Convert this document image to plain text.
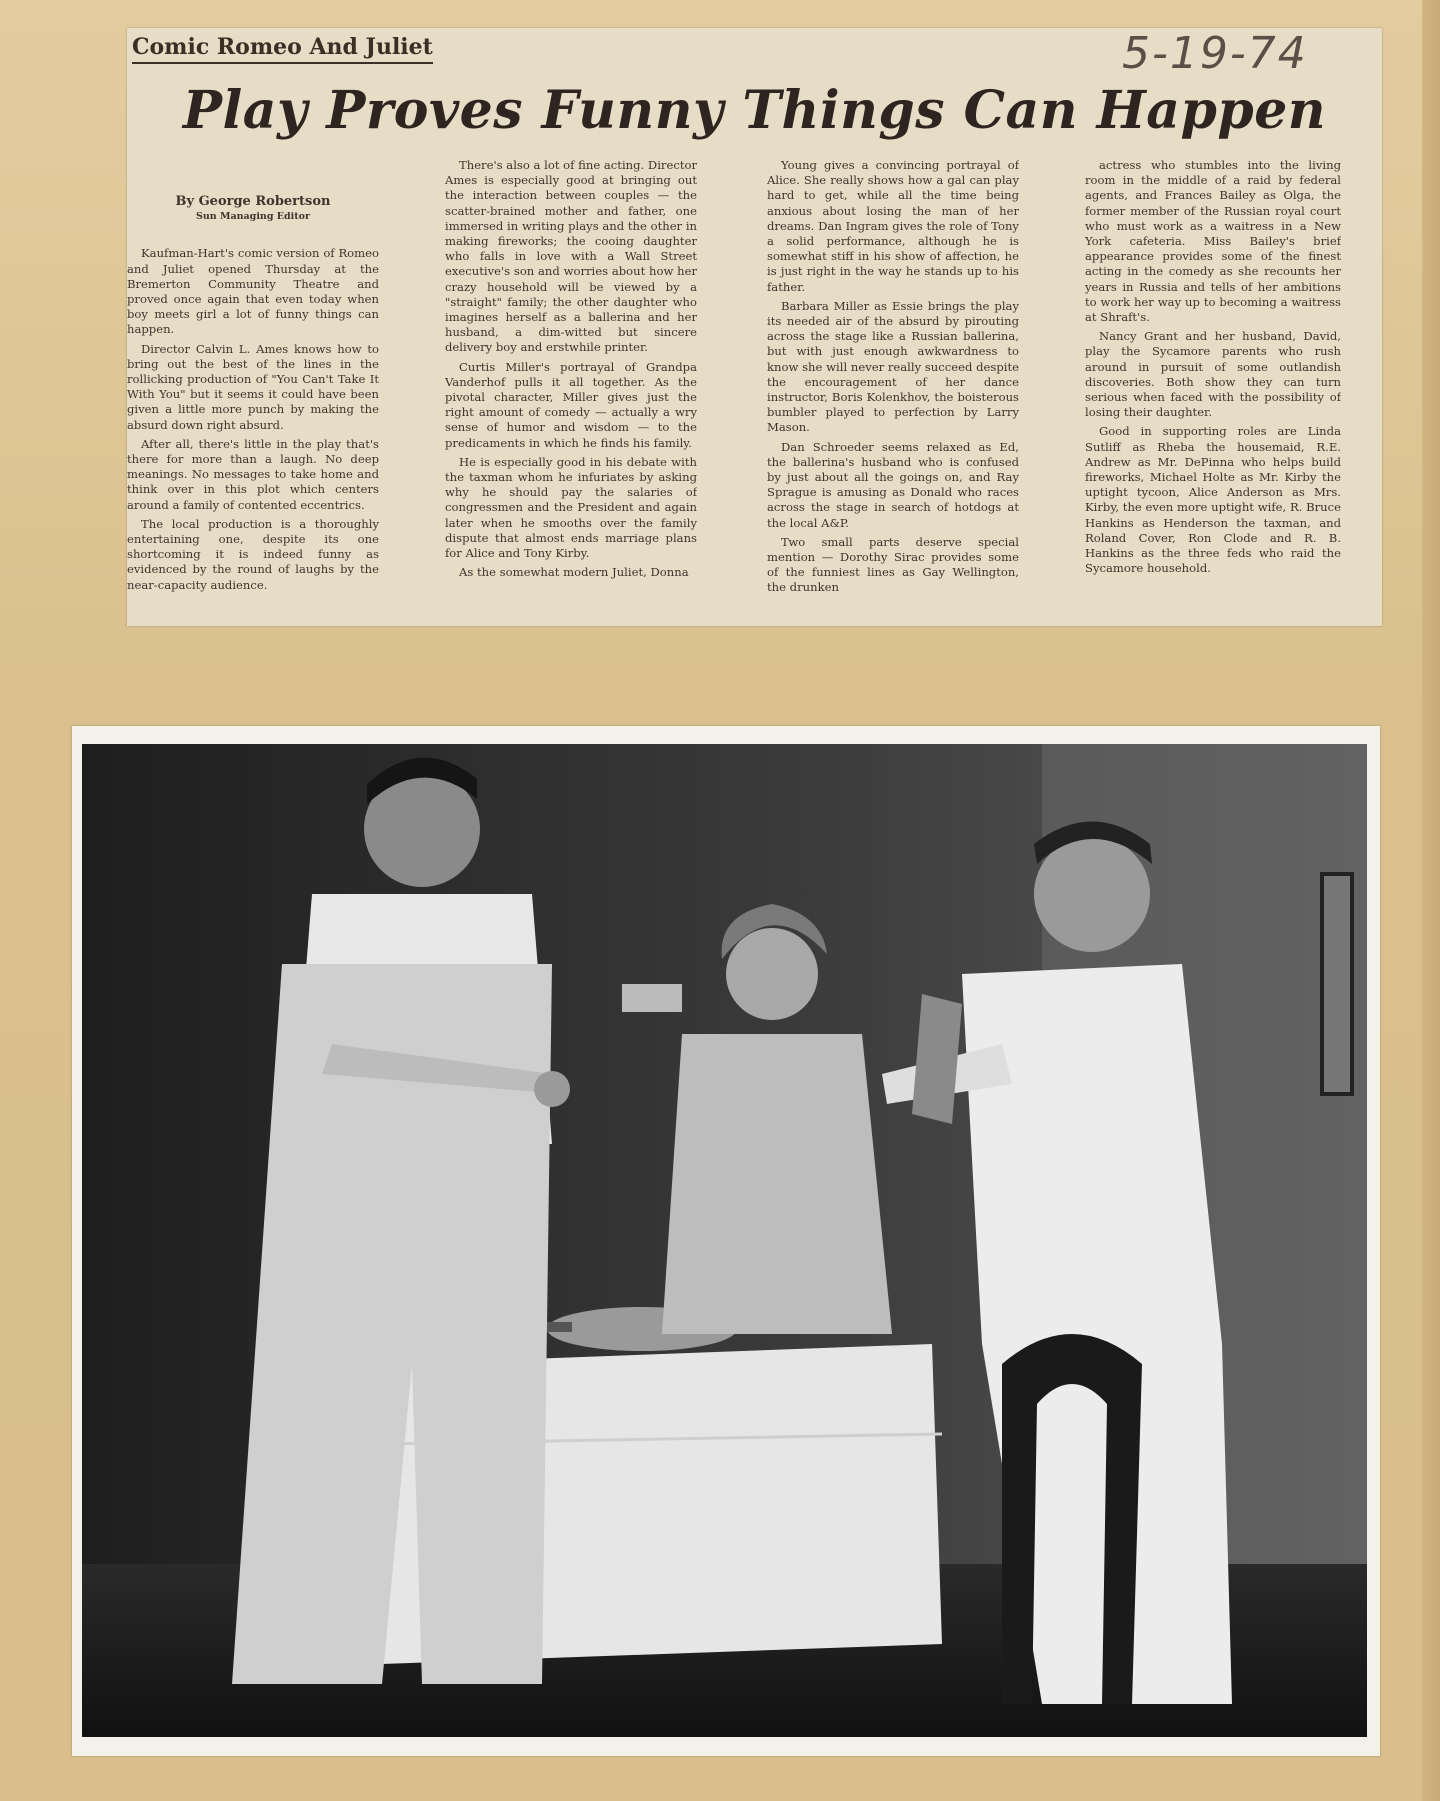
Comic Romeo And Juliet	5-19-74
Play Proves Funny Things Can Happen
By George Robertson
Sun Managing Editor

Kaufman-Hart's comic version of Romeo and Juliet opened Thursday at the Bremerton Community Theatre and proved once again that even today when boy meets girl a lot of funny things can happen.

Director Calvin L. Ames knows how to bring out the best of the lines in the rollicking production of "You Can't Take It With You" but it seems it could have been given a little more punch by making the absurd down right absurd.

After all, there's little in the play that's there for more than a laugh. No deep meanings. No messages to take home and think over in this plot which centers around a family of contented eccentrics.

The local production is a thoroughly entertaining one, despite its one shortcoming it is indeed funny as evidenced by the round of laughs by the near-capacity audience.

There's also a lot of fine acting. Director Ames is especially good at bringing out the interaction between couples — the scatter-brained mother and father, one immersed in writing plays and the other in making fireworks; the cooing daughter who falls in love with a Wall Street executive's son and worries about how her crazy household will be viewed by a "straight" family; the other daughter who imagines herself as a ballerina and her husband, a dim-witted but sincere delivery boy and erstwhile printer.

Curtis Miller's portrayal of Grandpa Vanderhof pulls it all together. As the pivotal character, Miller gives just the right amount of comedy — actually a wry sense of humor and wisdom — to the predicaments in which he finds his family.

He is especially good in his debate with the taxman whom he infuriates by asking why he should pay the salaries of congressmen and the President and again later when he smooths over the family dispute that almost ends marriage plans for Alice and Tony Kirby.

As the somewhat modern Juliet, Donna

Young gives a convincing portrayal of Alice. She really shows how a gal can play hard to get, while all the time being anxious about losing the man of her dreams. Dan Ingram gives the role of Tony a solid performance, although he is somewhat stiff in his show of affection, he is just right in the way he stands up to his father.

Barbara Miller as Essie brings the play its needed air of the absurd by pirouting across the stage like a Russian ballerina, but with just enough awkwardness to know she will never really succeed despite the encouragement of her dance instructor, Boris Kolenkhov, the boisterous bumbler played to perfection by Larry Mason.

Dan Schroeder seems relaxed as Ed, the ballerina's husband who is confused by just about all the goings on, and Ray Sprague is amusing as Donald who races across the stage in search of hotdogs at the local A&P.

Two small parts deserve special mention — Dorothy Sirac provides some of the funniest lines as Gay Wellington, the drunken

actress who stumbles into the living room in the middle of a raid by federal agents, and Frances Bailey as Olga, the former member of the Russian royal court who must work as a waitress in a New York cafeteria. Miss Bailey's brief appearance provides some of the finest acting in the comedy as she recounts her years in Russia and tells of her ambitions to work her way up to becoming a waitress at Shraft's.

Nancy Grant and her husband, David, play the Sycamore parents who rush around in pursuit of some outlandish discoveries. Both show they can turn serious when faced with the possibility of losing their daughter.

Good in supporting roles are Linda Sutliff as Rheba the housemaid, R.E. Andrew as Mr. DePinna who helps build fireworks, Michael Holte as Mr. Kirby the uptight tycoon, Alice Anderson as Mrs. Kirby, the even more uptight wife, R. Bruce Hankins as Henderson the taxman, and Roland Cover, Ron Clode and R. B. Hankins as the three feds who raid the Sycamore household.
